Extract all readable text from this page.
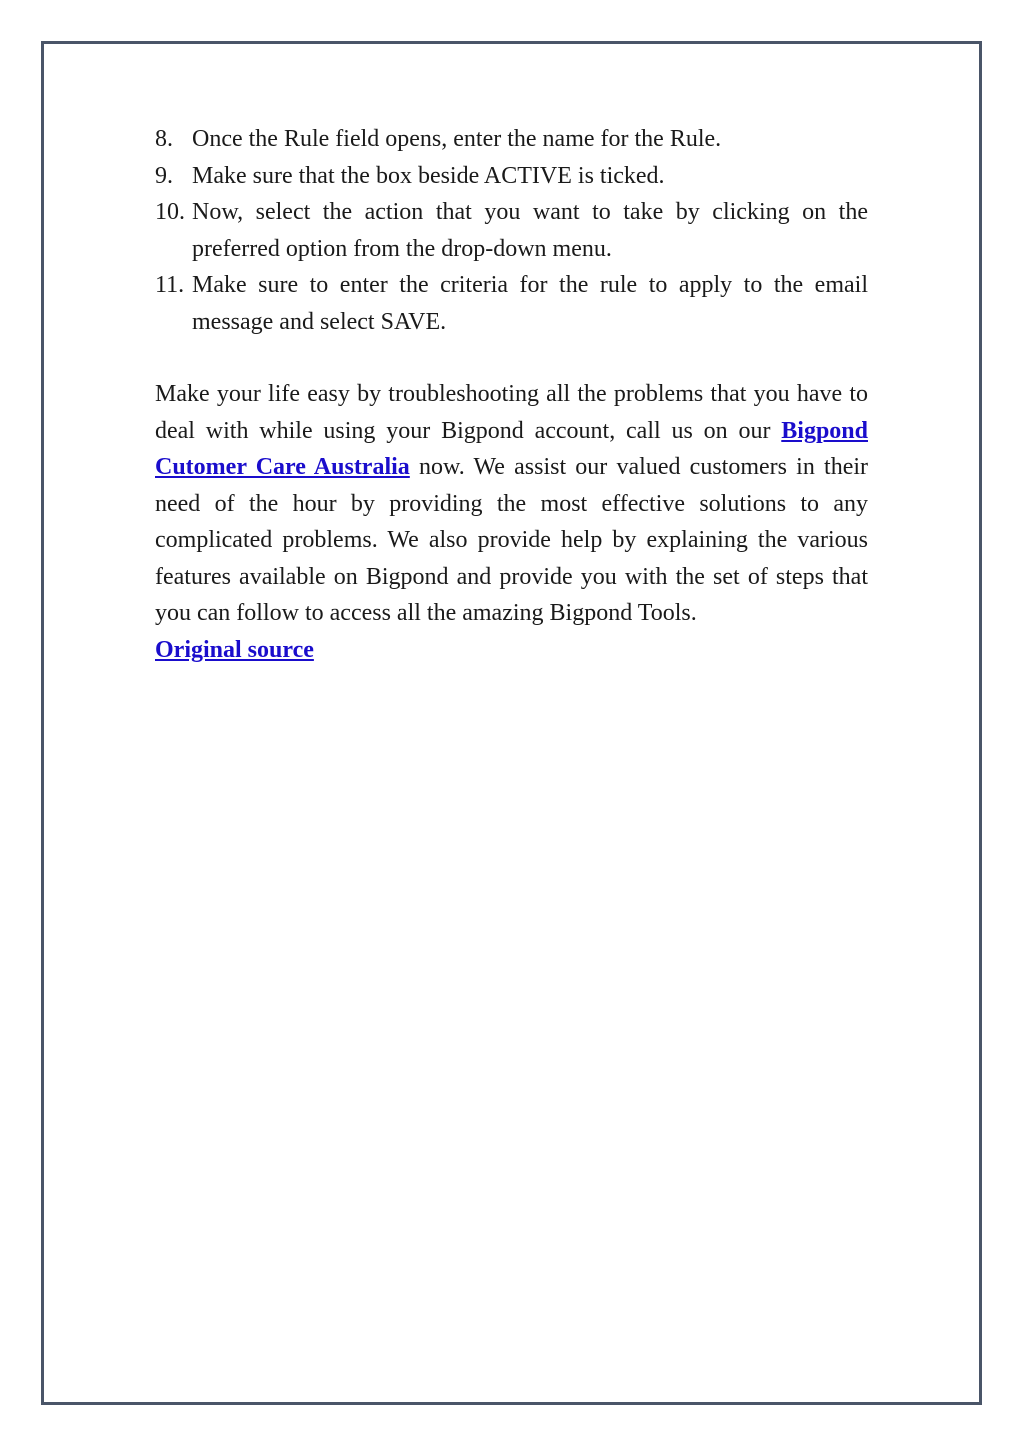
8. Once the Rule field opens, enter the name for the Rule.
9. Make sure that the box beside ACTIVE is ticked.
10. Now, select the action that you want to take by clicking on the preferred option from the drop-down menu.
11. Make sure to enter the criteria for the rule to apply to the email message and select SAVE.

Make your life easy by troubleshooting all the problems that you have to deal with while using your Bigpond account, call us on our Bigpond Cutomer Care Australia now. We assist our valued customers in their need of the hour by providing the most effective solutions to any complicated problems. We also provide help by explaining the various features available on Bigpond and provide you with the set of steps that you can follow to access all the amazing Bigpond Tools.

Original source
